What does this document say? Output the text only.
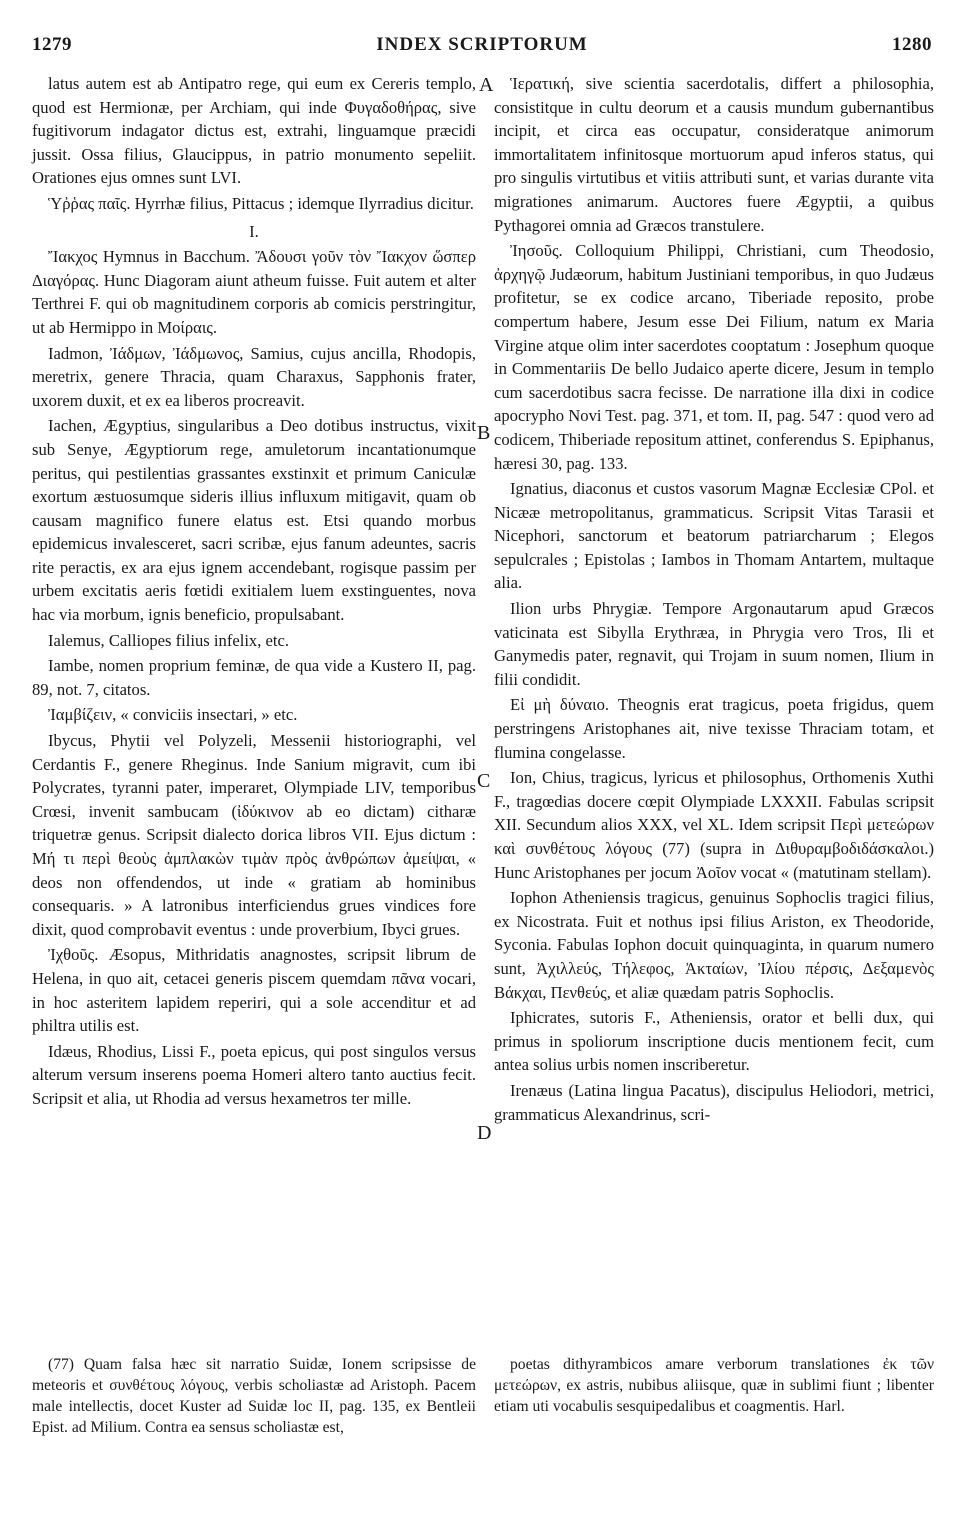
1279	INDEX SCRIPTORUM	1280

latus autem est ab Antipatro rege, qui eum ex Cereris templo, quod est Hermionæ, per Archiam, qui inde Φυγαδοθήρας, sive fugitivorum indagator dictus est, extrahi, linguamque præcidi jussit. Ossa filius, Glaucippus, in patrio monumento sepeliit. Orationes ejus omnes sunt LVI.

Ὑῤῥας παῖς. Hyrrhæ filius, Pittacus ; idemque Ilyrradius dicitur.

I.

Ἴακχος Hymnus in Bacchum. Ἄδουσι γοῦν τὸν Ἴακχον ὥσπερ Διαγόρας. Hunc Diagoram aiunt atheum fuisse. Fuit autem et alter Terthrei F. qui ob magnitudinem corporis ab comicis perstringitur, ut ab Hermippo in Μοίραις.

Iadmon, Ἰάδμων, Ἰάδμωνος, Samius, cujus ancilla, Rhodopis, meretrix, genere Thracia, quam Charaxus, Sapphonis frater, uxorem duxit, et ex ea liberos procreavit.

Iachen, Ægyptius, singularibus a Deo dotibus instructus, vixit sub Senye, Ægyptiorum rege, amuletorum incantationumque peritus, qui pestilentias grassantes exstinxit et primum Caniculæ exortum æstuosumque sideris illius influxum mitigavit, quam ob causam magnifico funere elatus est. Etsi quando morbus epidemicus invalesceret, sacri scribæ, ejus fanum adeuntes, sacris rite peractis, ex ara ejus ignem accendebant, rogisque passim per urbem excitatis aeris fœtidi exitialem luem exstinguentes, nova hac via morbum, ignis beneficio, propulsabant.

Ialemus, Calliopes filius infelix, etc.

Iambe, nomen proprium feminæ, de qua vide a Kustero II, pag. 89, not. 7, citatos.

Ἰαμβίζειν, « conviciis insectari, » etc.

Ibycus, Phytii vel Polyzeli, Messenii historiographi, vel Cerdantis F., genere Rheginus. Inde Sanium migravit, cum ibi Polycrates, tyranni pater, imperaret, Olympiade LIV, temporibus Crœsi, invenit sambucam (ἰδύκινον ab eo dictam) citharæ triquetræ genus. Scripsit dialecto dorica libros VII. Ejus dictum : Μή τι περὶ θεοὺς ἀμπλακὼν τιμὰν πρὸς ἀνθρώπων ἀμείψαι, « deos non offendendos, ut inde « gratiam ab hominibus consequaris. » A latronibus interficiendus grues vindices fore dixit, quod comprobavit eventus : unde proverbium, Ibyci grues.

Ἰχθοῦς. Æsopus, Mithridatis anagnostes, scripsit librum de Helena, in quo ait, cetacei generis piscem quemdam πᾶνα vocari, in hoc asteritem lapidem reperiri, qui a sole accenditur et ad philtra utilis est.

Idæus, Rhodius, Lissi F., poeta epicus, qui post singulos versus alterum versum inserens poema Homeri altero tanto auctius fecit. Scripsit et alia, ut Rhodia ad versus hexametros ter mille.

A
B
C
D

Ἱερατική, sive scientia sacerdotalis, differt a philosophia, consistitque in cultu deorum et a causis mundum gubernantibus incipit, et circa eas occupatur, consideratque animorum immortalitatem infinitosque mortuorum apud inferos status, qui pro singulis virtutibus et vitiis attributi sunt, et varias durante vita migrationes animarum. Auctores fuere Ægyptii, a quibus Pythagorei omnia ad Græcos transtulere.

Ἰησοῦς. Colloquium Philippi, Christiani, cum Theodosio, ἀρχηγῷ Judæorum, habitum Justiniani temporibus, in quo Judæus profitetur, se ex codice arcano, Tiberiade reposito, probe compertum habere, Jesum esse Dei Filium, natum ex Maria Virgine atque olim inter sacerdotes cooptatum : Josephum quoque in Commentariis De bello Judaico aperte dicere, Jesum in templo cum sacerdotibus sacra fecisse. De narratione illa dixi in codice apocrypho Novi Test. pag. 371, et tom. II, pag. 547 : quod vero ad codicem, Thiberiade repositum attinet, conferendus S. Epiphanus, hæresi 30, pag. 133.

Ignatius, diaconus et custos vasorum Magnæ Ecclesiæ CPol. et Nicææ metropolitanus, grammaticus. Scripsit Vitas Tarasii et Nicephori, sanctorum et beatorum patriarcharum ; Elegos sepulcrales ; Epistolas ; Iambos in Thomam Antartem, multaque alia.

Ilion urbs Phrygiæ. Tempore Argonautarum apud Græcos vaticinata est Sibylla Erythræa, in Phrygia vero Tros, Ili et Ganymedis pater, regnavit, qui Trojam in suum nomen, Ilium in filii condidit.

Εἰ μὴ δύναιο. Theognis erat tragicus, poeta frigidus, quem perstringens Aristophanes ait, nive texisse Thraciam totam, et flumina congelasse.

Ion, Chius, tragicus, lyricus et philosophus, Orthomenis Xuthi F., tragœdias docere cœpit Olympiade LXXXII. Fabulas scripsit XII. Secundum alios XXX, vel XL. Idem scripsit Περὶ μετεώρων καὶ συνθέτους λόγους (77) (supra in Διθυραμβοδιδάσκαλοι.) Hunc Aristophanes per jocum Ἀοῖον vocat « (matutinam stellam).

Iophon Atheniensis tragicus, genuinus Sophoclis tragici filius, ex Nicostrata. Fuit et nothus ipsi filius Ariston, ex Theodoride, Syconia. Fabulas Iophon docuit quinquaginta, in quarum numero sunt, Ἀχιλλεύς, Τήλεφος, Ἀκταίων, Ἰλίου πέρσις, Δεξαμενὸς Βάκχαι, Πενθεύς, et aliæ quædam patris Sophoclis.

Iphicrates, sutoris F., Atheniensis, orator et belli dux, qui primus in spoliorum inscriptione ducis mentionem fecit, cum antea solius urbis nomen inscriberetur.

Irenæus (Latina lingua Pacatus), discipulus Heliodori, metrici, grammaticus Alexandrinus, scri-

(77) Quam falsa hæc sit narratio Suidæ, Ionem scripsisse de meteoris et συνθέτους λόγους, verbis scholiastæ ad Aristoph. Pacem male intellectis, docet Kuster ad Suidæ loc II, pag. 135, ex Bentleii Epist. ad Milium. Contra ea sensus scholiastæ est,

poetas dithyrambicos amare verborum translationes ἐκ τῶν μετεώρων, ex astris, nubibus aliisque, quæ in sublimi fiunt ; libenter etiam uti vocabulis sesquipedalibus et coagmentis. Harl.
